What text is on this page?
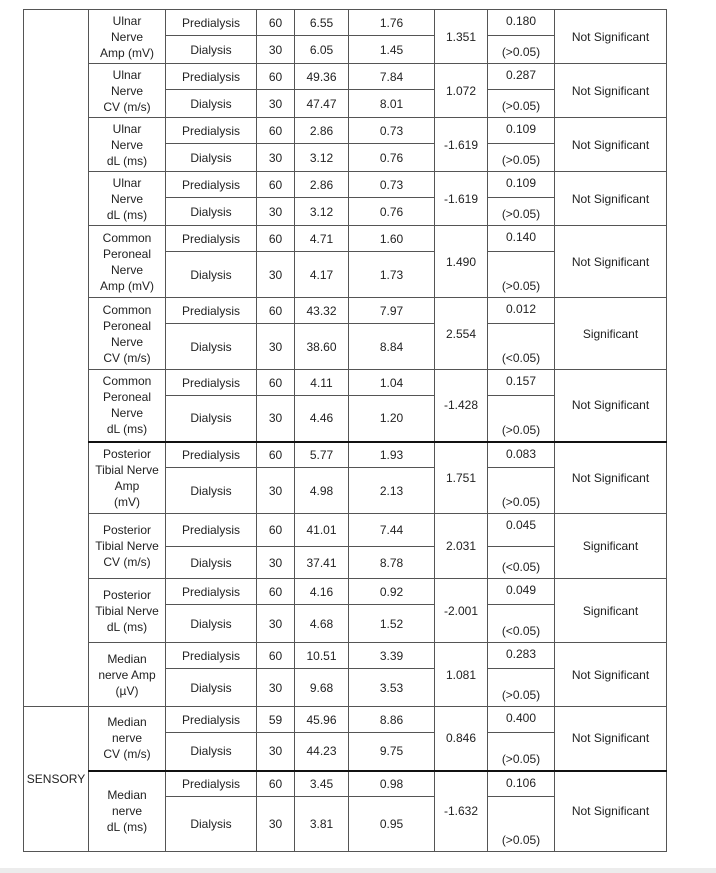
	Ulnar
Nerve
Amp (mV)	Predialysis	60	6.55	1.76	1.351	0.180	Not Significant
		Dialysis	30	6.05	1.45		(>0.05)	

	Ulnar
Nerve
CV (m/s)	Predialysis	60	49.36	7.84	1.072	0.287	Not Significant
		Dialysis	30	47.47	8.01		(>0.05)	

	Ulnar
Nerve
dL (ms)	Predialysis	60	2.86	0.73	-1.619	0.109	Not Significant
		Dialysis	30	3.12	0.76		(>0.05)	

	Ulnar
Nerve
dL (ms)	Predialysis	60	2.86	0.73	-1.619	0.109	Not Significant
		Dialysis	30	3.12	0.76		(>0.05)	

	Common
Peroneal
Nerve
Amp (mV)	Predialysis	60	4.71	1.60	1.490	0.140	Not Significant
		Dialysis	30	4.17	1.73		(>0.05)	

	Common
Peroneal
Nerve
CV (m/s)	Predialysis	60	43.32	7.97	2.554	0.012	Significant
		Dialysis	30	38.60	8.84		(<0.05)	

	Common
Peroneal
Nerve
dL (ms)	Predialysis	60	4.11	1.04	-1.428	0.157	Not Significant
		Dialysis	30	4.46	1.20		(>0.05)	

	Posterior
Tibial Nerve
Amp
(mV)	Predialysis	60	5.77	1.93	1.751	0.083	Not Significant
		Dialysis	30	4.98	2.13		(>0.05)	

	Posterior
Tibial Nerve
CV (m/s)	Predialysis	60	41.01	7.44	2.031	0.045	Significant
		Dialysis	30	37.41	8.78		(<0.05)	

	Posterior
Tibial Nerve
dL (ms)	Predialysis	60	4.16	0.92	-2.001	0.049	Significant
		Dialysis	30	4.68	1.52		(<0.05)	

	Median
nerve Amp
(µV)	Predialysis	60	10.51	3.39	1.081	0.283	Not Significant
		Dialysis	30	9.68	3.53		(>0.05)	
SENSORY	Median
nerve
CV (m/s)	Predialysis	59	45.96	8.86	0.846	0.400	Not Significant
		Dialysis	30	44.23	9.75		(>0.05)	

	Median
nerve
dL (ms)	Predialysis	60	3.45	0.98	-1.632	0.106	Not Significant
		Dialysis	30	3.81	0.95		(>0.05)	
